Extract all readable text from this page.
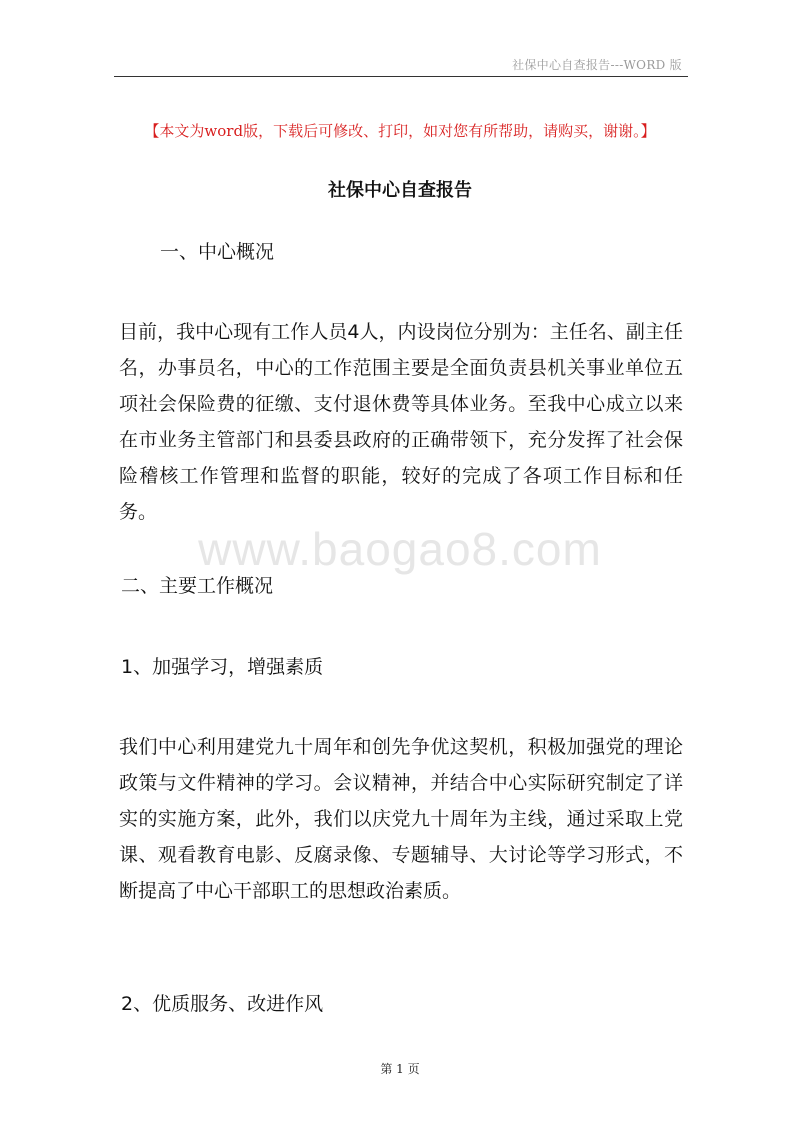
社保中心自查报告---WORD 版
【本文为word版，下载后可修改、打印，如对您有所帮助，请购买，谢谢。】
社保中心自查报告
一、中心概况

目前，我中心现有工作人员4人，内设岗位分别为：主任名、副主任名，办事员名，中心的工作范围主要是全面负责县机关事业单位五项社会保险费的征缴、支付退休费等具体业务。至我中心成立以来在市业务主管部门和县委县政府的正确带领下，充分发挥了社会保险稽核工作管理和监督的职能，较好的完成了各项工作目标和任务。

www.baogao8.com
二、主要工作概况
1、加强学习，增强素质

我们中心利用建党九十周年和创先争优这契机，积极加强党的理论政策与文件精神的学习。会议精神，并结合中心实际研究制定了详实的实施方案，此外，我们以庆党九十周年为主线，通过采取上党课、观看教育电影、反腐录像、专题辅导、大讨论等学习形式，不断提高了中心干部职工的思想政治素质。

2、优质服务、改进作风
第 1 页
